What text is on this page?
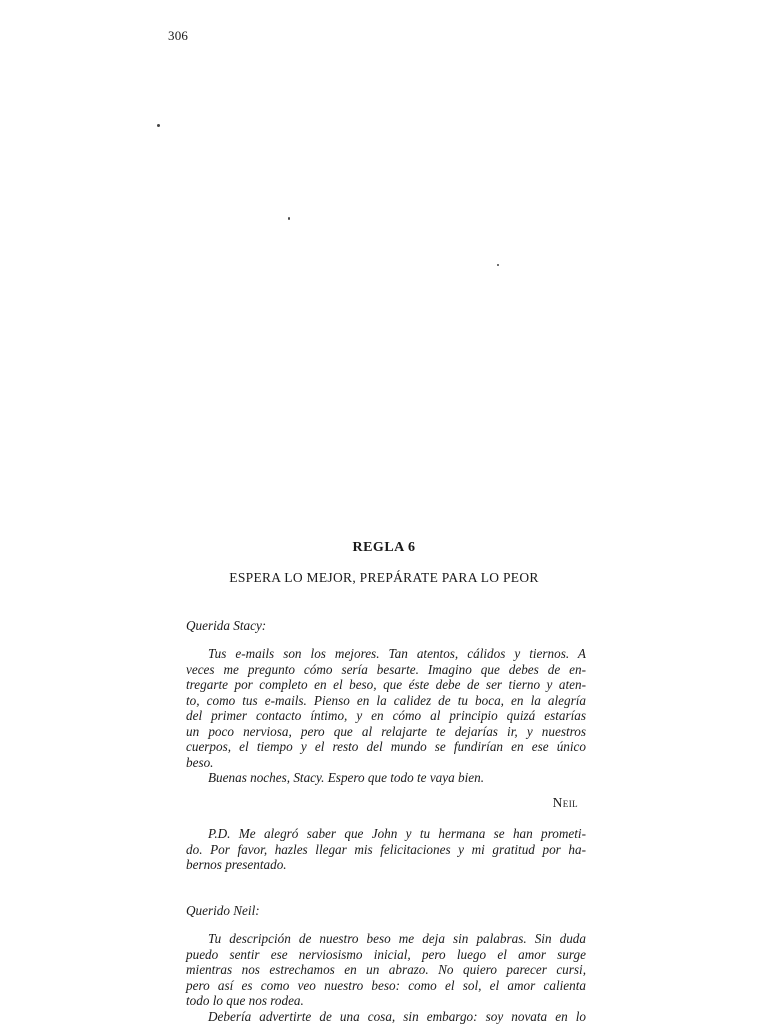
306
REGLA 6
ESPERA LO MEJOR, PREPÁRATE PARA LO PEOR
Querida Stacy:
Tus e-mails son los mejores. Tan atentos, cálidos y tiernos. A
veces me pregunto cómo sería besarte. Imagino que debes de en-
tregarte por completo en el beso, que éste debe de ser tierno y aten-
to, como tus e-mails. Pienso en la calidez de tu boca, en la alegría
del primer contacto íntimo, y en cómo al principio quizá estarías
un poco nerviosa, pero que al relajarte te dejarías ir, y nuestros
cuerpos, el tiempo y el resto del mundo se fundirían en ese único
beso.
Buenas noches, Stacy. Espero que todo te vaya bien.
Neil
P.D. Me alegró saber que John y tu hermana se han prometi-
do. Por favor, hazles llegar mis felicitaciones y mi gratitud por ha-
bernos presentado.
Querido Neil:
Tu descripción de nuestro beso me deja sin palabras. Sin duda
puedo sentir ese nerviosismo inicial, pero luego el amor surge
mientras nos estrechamos en un abrazo. No quiero parecer cursi,
pero así es como veo nuestro beso: como el sol, el amor calienta
todo lo que nos rodea.
Debería advertirte de una cosa, sin embargo: soy novata en lo
